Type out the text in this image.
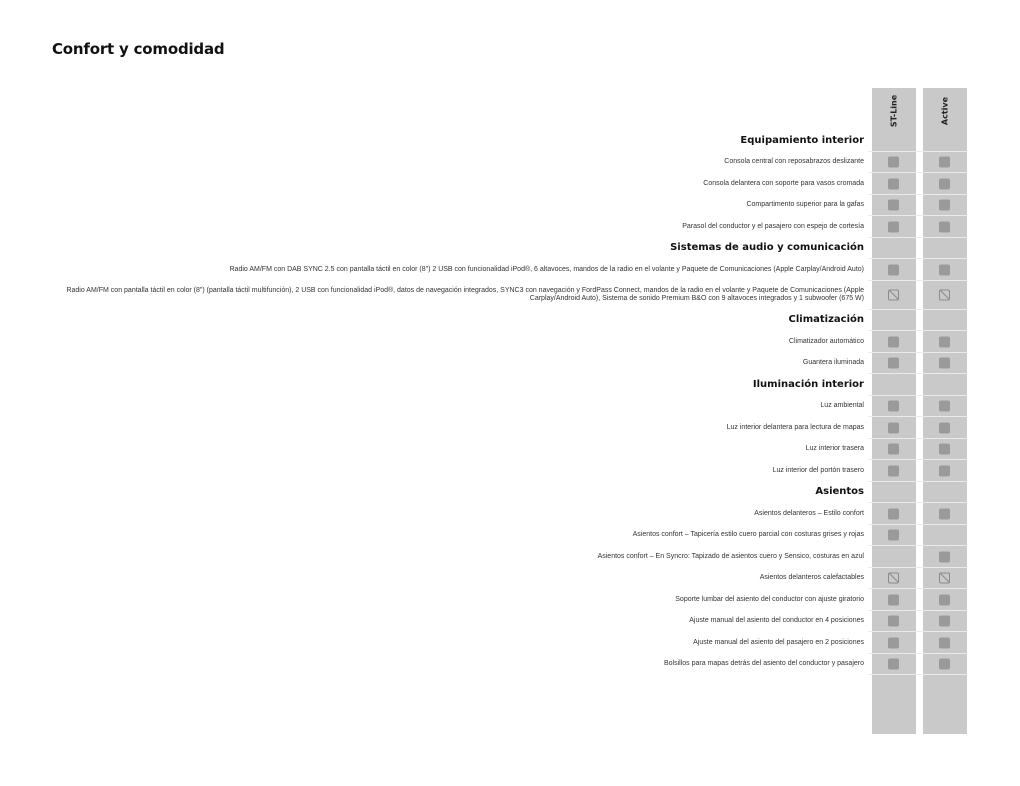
Confort y comodidad
ST-Line	Active
Equipamiento interior
Consola central con reposabrazos deslizante
Consola delantera con soporte para vasos cromada
Compartimento superior para la gafas
Parasol del conductor y el pasajero con espejo de cortesía
Sistemas de audio y comunicación
Radio AM/FM con DAB SYNC 2.5 con pantalla táctil en color (8") 2 USB con funcionalidad iPod®, 6 altavoces, mandos de la radio en el volante y Paquete de Comunicaciones (Apple Carplay/Android Auto)
Radio AM/FM con pantalla táctil en color (8") (pantalla táctil multifunción), 2 USB con funcionalidad iPod®, datos de navegación integrados, SYNC3 con navegación y FordPass Connect, mandos de la radio en el volante y Paquete de Comunicaciones (Apple Carplay/Android Auto), Sistema de sonido Premium B&O con 9 altavoces integrados y 1 subwoofer (675 W)
Climatización
Climatizador automático
Guantera iluminada
Iluminación interior
Luz ambiental
Luz interior delantera para lectura de mapas
Luz interior trasera
Luz interior del portón trasero
Asientos
Asientos delanteros – Estilo confort
Asientos confort – Tapicería estilo cuero parcial con costuras grises y rojas
Asientos confort – En Syncro: Tapizado de asientos cuero y Sensico, costuras en azul
Asientos delanteros calefactables
Soporte lumbar del asiento del conductor con ajuste giratorio
Ajuste manual del asiento del conductor en 4 posiciones
Ajuste manual del asiento del pasajero en 2 posiciones
Bolsillos para mapas detrás del asiento del conductor y pasajero
